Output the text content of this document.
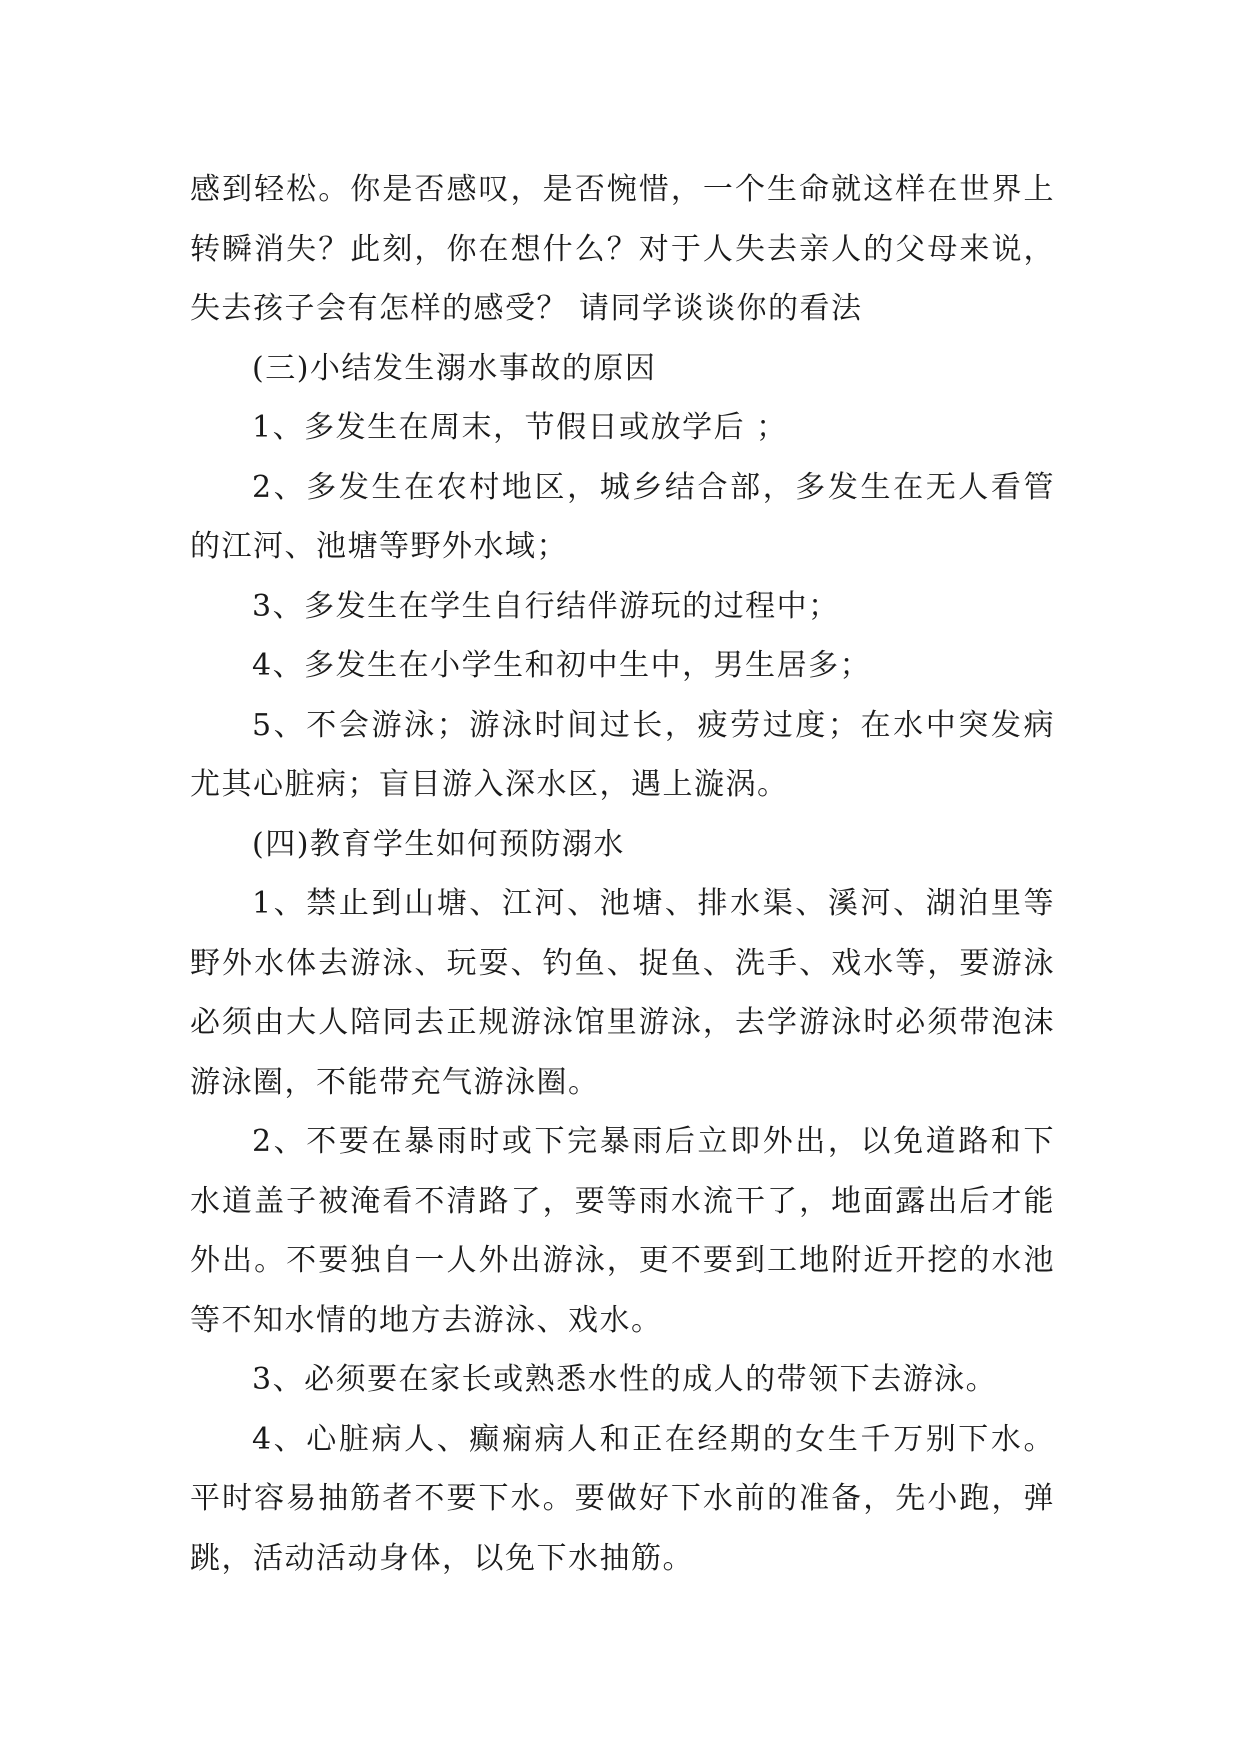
感到轻松。你是否感叹，是否惋惜，一个生命就这样在世界上转瞬消失？此刻，你在想什么？对于人失去亲人的父母来说，失去孩子会有怎样的感受？ 请同学谈谈你的看法

(三)小结发生溺水事故的原因

1、多发生在周末，节假日或放学后 ；

2、多发生在农村地区，城乡结合部，多发生在无人看管的江河、池塘等野外水域；

3、多发生在学生自行结伴游玩的过程中；

4、多发生在小学生和初中生中，男生居多；

5、不会游泳；游泳时间过长，疲劳过度；在水中突发病尤其心脏病；盲目游入深水区，遇上漩涡。

(四)教育学生如何预防溺水

1、禁止到山塘、江河、池塘、排水渠、溪河、湖泊里等野外水体去游泳、玩耍、钓鱼、捉鱼、洗手、戏水等，要游泳必须由大人陪同去正规游泳馆里游泳，去学游泳时必须带泡沫游泳圈，不能带充气游泳圈。

2、不要在暴雨时或下完暴雨后立即外出，以免道路和下水道盖子被淹看不清路了，要等雨水流干了，地面露出后才能外出。不要独自一人外出游泳，更不要到工地附近开挖的水池等不知水情的地方去游泳、戏水。

3、必须要在家长或熟悉水性的成人的带领下去游泳。

4、心脏病人、癫痫病人和正在经期的女生千万别下水。平时容易抽筋者不要下水。要做好下水前的准备，先小跑，弹跳，活动活动身体，以免下水抽筋。
